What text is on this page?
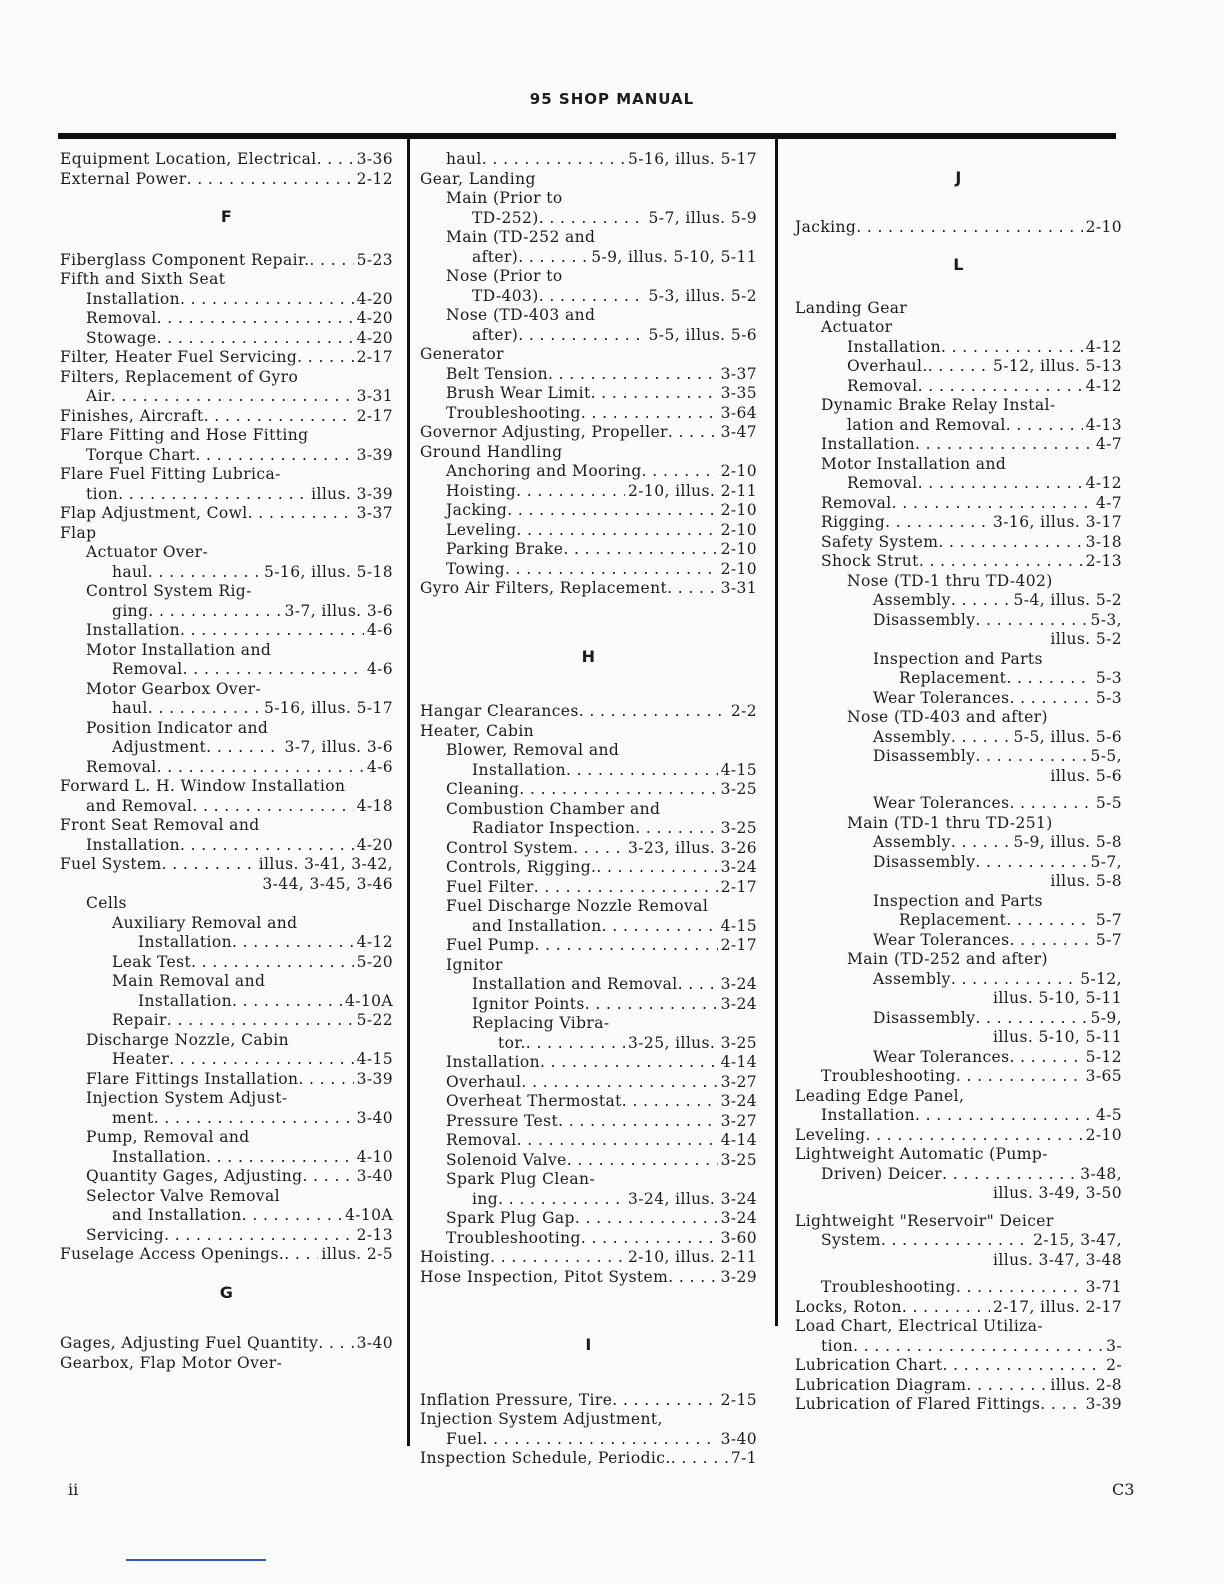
95 SHOP MANUAL
Equipment Location, Electrical . .	3-36
External Power . .	2-12
F
Fiberglass Component Repair. . .	5-23
Fifth and Sixth Seat
Installation . .	4-20
Removal . .	4-20
Stowage . .	4-20
Filter, Heater Fuel Servicing . .	2-17
Filters, Replacement of Gyro
Air . .	3-31
Finishes, Aircraft . .	2-17
Flare Fitting and Hose Fitting
Torque Chart . .	3-39
Flare Fuel Fitting Lubrica-
tion . .	illus. 3-39
Flap Adjustment, Cowl . .	3-37
Flap
Actuator Over-
haul . .	5-16, illus. 5-18
Control System Rig-
ging . .	3-7, illus. 3-6
Installation . .	4-6
Motor Installation and
Removal . .	4-6
Motor Gearbox Over-
haul . .	5-16, illus. 5-17
Position Indicator and
Adjustment . .	3-7, illus. 3-6
Removal . .	4-6
Forward L. H. Window Installation
and Removal . .	4-18
Front Seat Removal and
Installation . .	4-20
Fuel System . .	illus. 3-41, 3-42,
3-44, 3-45, 3-46
Cells
Auxiliary Removal and
Installation . .	4-12
Leak Test . .	5-20
Main Removal and
Installation . .	4-10A
Repair . .	5-22
Discharge Nozzle, Cabin
Heater . .	4-15
Flare Fittings Installation . .	3-39
Injection System Adjust-
ment . .	3-40
Pump, Removal and
Installation . .	4-10
Quantity Gages, Adjusting . .	3-40
Selector Valve Removal
and Installation . .	4-10A
Servicing . .	2-13
Fuselage Access Openings. . . illus. 2-5
G
Gages, Adjusting Fuel Quantity . . 3-40
Gearbox, Flap Motor Over-
haul . .	5-16, illus. 5-17
Gear, Landing
Main (Prior to
TD-252) . .	5-7, illus. 5-9
Main (TD-252 and
after) . .	5-9, illus. 5-10, 5-11
Nose (Prior to
TD-403) . .	5-3, illus. 5-2
Nose (TD-403 and
after) . .	5-5, illus. 5-6
Generator
Belt Tension . .	3-37
Brush Wear Limit . .	3-35
Troubleshooting . .	3-64
Governor Adjusting, Propeller . .	3-47
Ground Handling
Anchoring and Mooring . .	2-10
Hoisting . .	2-10, illus. 2-11
Jacking . .	2-10
Leveling . .	2-10
Parking Brake . .	2-10
Towing . .	2-10
Gyro Air Filters, Replacement . .	3-31
H
Hangar Clearances . .	2-2
Heater, Cabin
Blower, Removal and
Installation . .	4-15
Cleaning . .	3-25
Combustion Chamber and
Radiator Inspection . .	3-25
Control System . .	3-23, illus. 3-26
Controls, Rigging. . .	3-24
Fuel Filter . .	2-17
Fuel Discharge Nozzle Removal
and Installation . .	4-15
Fuel Pump . .	2-17
Ignitor
Installation and Removal . .	3-24
Ignitor Points . .	3-24
Replacing Vibra-
tor. . .	3-25, illus. 3-25
Installation . .	4-14
Overhaul . .	3-27
Overheat Thermostat . .	3-24
Pressure Test . .	3-27
Removal . .	4-14
Solenoid Valve . .	3-25
Spark Plug Clean-
ing . .	3-24, illus. 3-24
Spark Plug Gap . .	3-24
Troubleshooting . .	3-60
Hoisting . .	2-10, illus. 2-11
Hose Inspection, Pitot System . .	3-29
I
Inflation Pressure, Tire . .	2-15
Injection System Adjustment,
Fuel . .	3-40
Inspection Schedule, Periodic. . .	7-1
J
Jacking . .	2-10
L
Landing Gear
Actuator
Installation . .	4-12
Overhaul. . .	5-12, illus. 5-13
Removal . .	4-12
Dynamic Brake Relay Instal-
lation and Removal . .	4-13
Installation . .	4-7
Motor Installation and
Removal . .	4-12
Removal . .	4-7
Rigging . .	3-16, illus. 3-17
Safety System . .	3-18
Shock Strut . .	2-13
Nose (TD-1 thru TD-402)
Assembly . .	5-4, illus. 5-2
Disassembly . .	5-3,
illus. 5-2
Inspection and Parts
Replacement . .	5-3
Wear Tolerances . .	5-3
Nose (TD-403 and after)
Assembly . .	5-5, illus. 5-6
Disassembly . .	5-5,
illus. 5-6
Wear Tolerances . .	5-5
Main (TD-1 thru TD-251)
Assembly . .	5-9, illus. 5-8
Disassembly . .	5-7,
illus. 5-8
Inspection and Parts
Replacement . .	5-7
Wear Tolerances . .	5-7
Main (TD-252 and after)
Assembly . .	5-12,
illus. 5-10, 5-11
Disassembly . .	5-9,
illus. 5-10, 5-11
Wear Tolerances . .	5-12
Troubleshooting . .	3-65
Leading Edge Panel,
Installation . .	4-5
Leveling . .	2-10
Lightweight Automatic (Pump-
Driven) Deicer . .	3-48,
illus. 3-49, 3-50
Lightweight "Reservoir" Deicer
System . .	2-15, 3-47,
illus. 3-47, 3-48
Troubleshooting . .	3-71
Locks, Roton . .	2-17, illus. 2-17
Load Chart, Electrical Utiliza-
tion . .	3-
Lubrication Chart . .	2-
Lubrication Diagram . .	illus. 2-8
Lubrication of Flared Fittings . .	3-39
ii	C3
